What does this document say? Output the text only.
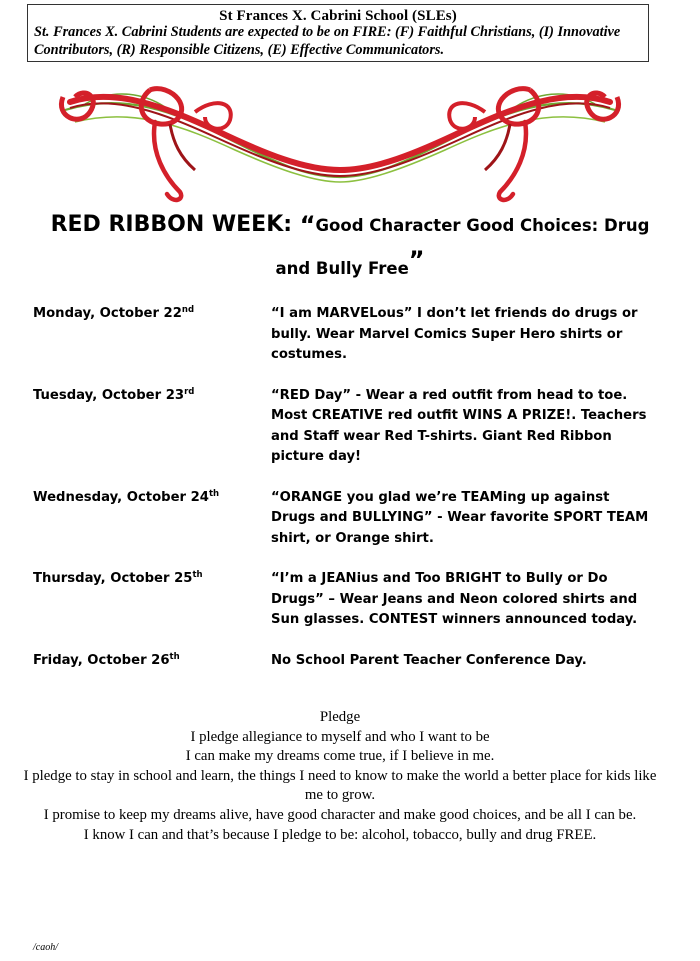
St Frances X. Cabrini School (SLEs)
St. Frances X. Cabrini Students are expected to be on FIRE: (F) Faithful Christians, (I) Innovative Contributors, (R) Responsible Citizens, (E) Effective Communicators.
RED RIBBON WEEK: “Good Character Good Choices: Drug
and Bully Free”
Monday, October 22nd	“I am MARVELous” I don’t let friends do drugs or bully. Wear Marvel Comics Super Hero shirts or costumes.
Tuesday, October 23rd	“RED Day” - Wear a red outfit from head to toe. Most CREATIVE red outfit WINS A PRIZE!. Teachers and Staff wear Red T-shirts. Giant Red Ribbon picture day!
Wednesday, October 24th	“ORANGE you glad we’re TEAMing up against Drugs and BULLYING” - Wear favorite SPORT TEAM shirt, or Orange shirt.
Thursday, October 25th	“I’m a JEANius and Too BRIGHT to Bully or Do Drugs” – Wear Jeans and Neon colored shirts and Sun glasses. CONTEST winners announced today.
Friday, October 26th	No School Parent Teacher Conference Day.
Pledge
I pledge allegiance to myself and who I want to be
I can make my dreams come true, if I believe in me.
I pledge to stay in school and learn, the things I need to know to make the world a better place for kids like me to grow.
I promise to keep my dreams alive, have good character and make good choices, and be all I can be.
I know I can and that’s because I pledge to be: alcohol, tobacco, bully and drug FREE.
/caoh/
